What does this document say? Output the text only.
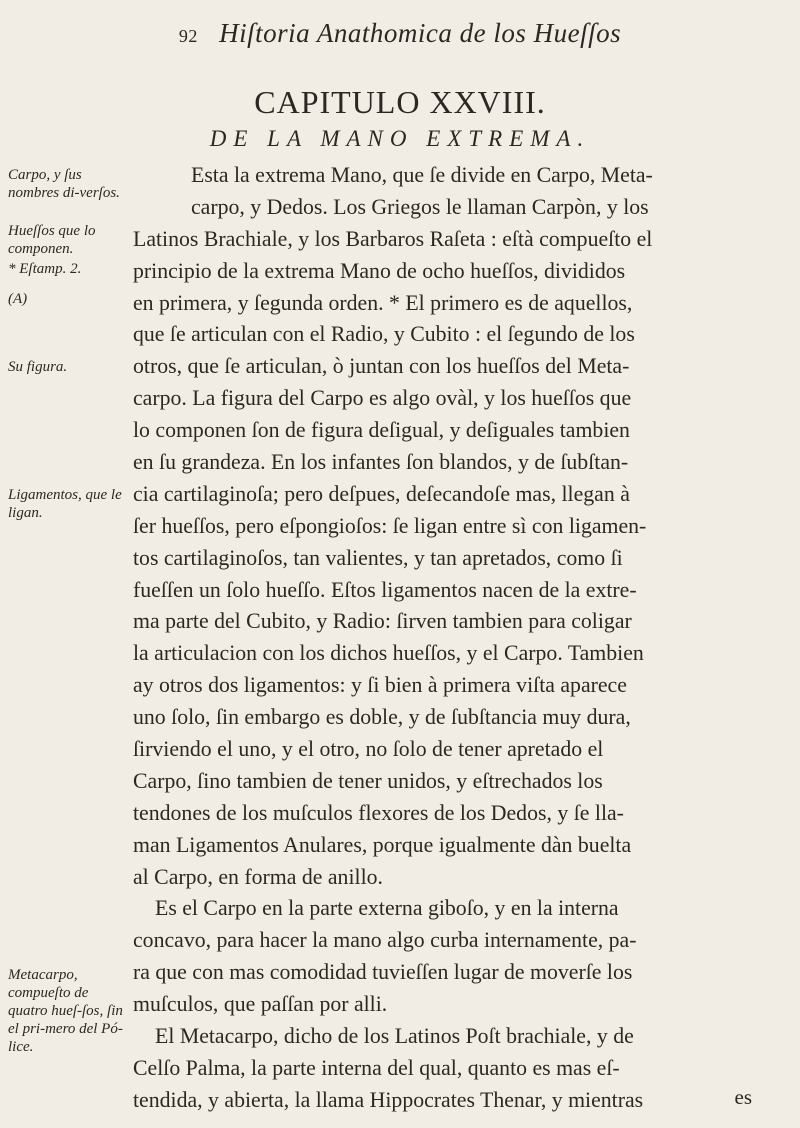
92 Hiſtoria Anathomica de los Hueſſos
CAPITULO XXVIII.
DE LA MANO EXTREMA.
Carpo, y ſus nombres di-verſos.
Hueſſos que lo componen.
* Eſtamp. 2.
(A)
Su figura.
Ligamentos, que le ligan.
Metacarpo, compueſto de quatro hueſ-ſos, ſin el pri-mero del Pó-lice.
Esta la extrema Mano, que ſe divide en Carpo, Meta-
carpo, y Dedos. Los Griegos le llaman Carpòn, y los
Latinos Brachiale, y los Barbaros Raſeta : eſtà compueſto el
principio de la extrema Mano de ocho hueſſos, divididos
en primera, y ſegunda orden. * El primero es de aquellos,
que ſe articulan con el Radio, y Cubito : el ſegundo de los
otros, que ſe articulan, ò juntan con los hueſſos del Meta-
carpo. La figura del Carpo es algo ovàl, y los hueſſos que
lo componen ſon de figura deſigual, y deſiguales tambien
en ſu grandeza. En los infantes ſon blandos, y de ſubſtan-
cia cartilaginoſa; pero deſpues, deſecandoſe mas, llegan à
ſer hueſſos, pero eſpongioſos: ſe ligan entre sì con ligamen-
tos cartilaginoſos, tan valientes, y tan apretados, como ſi
fueſſen un ſolo hueſſo. Eſtos ligamentos nacen de la extre-
ma parte del Cubito, y Radio: ſirven tambien para coligar
la articulacion con los dichos hueſſos, y el Carpo. Tambien
ay otros dos ligamentos: y ſi bien à primera viſta aparece
uno ſolo, ſin embargo es doble, y de ſubſtancia muy dura,
ſirviendo el uno, y el otro, no ſolo de tener apretado el
Carpo, ſino tambien de tener unidos, y eſtrechados los
tendones de los muſculos flexores de los Dedos, y ſe lla-
man Ligamentos Anulares, porque igualmente dàn buelta
al Carpo, en forma de anillo.
Es el Carpo en la parte externa giboſo, y en la interna
concavo, para hacer la mano algo curba internamente, pa-
ra que con mas comodidad tuvieſſen lugar de moverſe los
muſculos, que paſſan por alli.
El Metacarpo, dicho de los Latinos Poſt brachiale, y de
Celſo Palma, la parte interna del qual, quanto es mas eſ-
tendida, y abierta, la llama Hippocrates Thenar, y mientras	es
